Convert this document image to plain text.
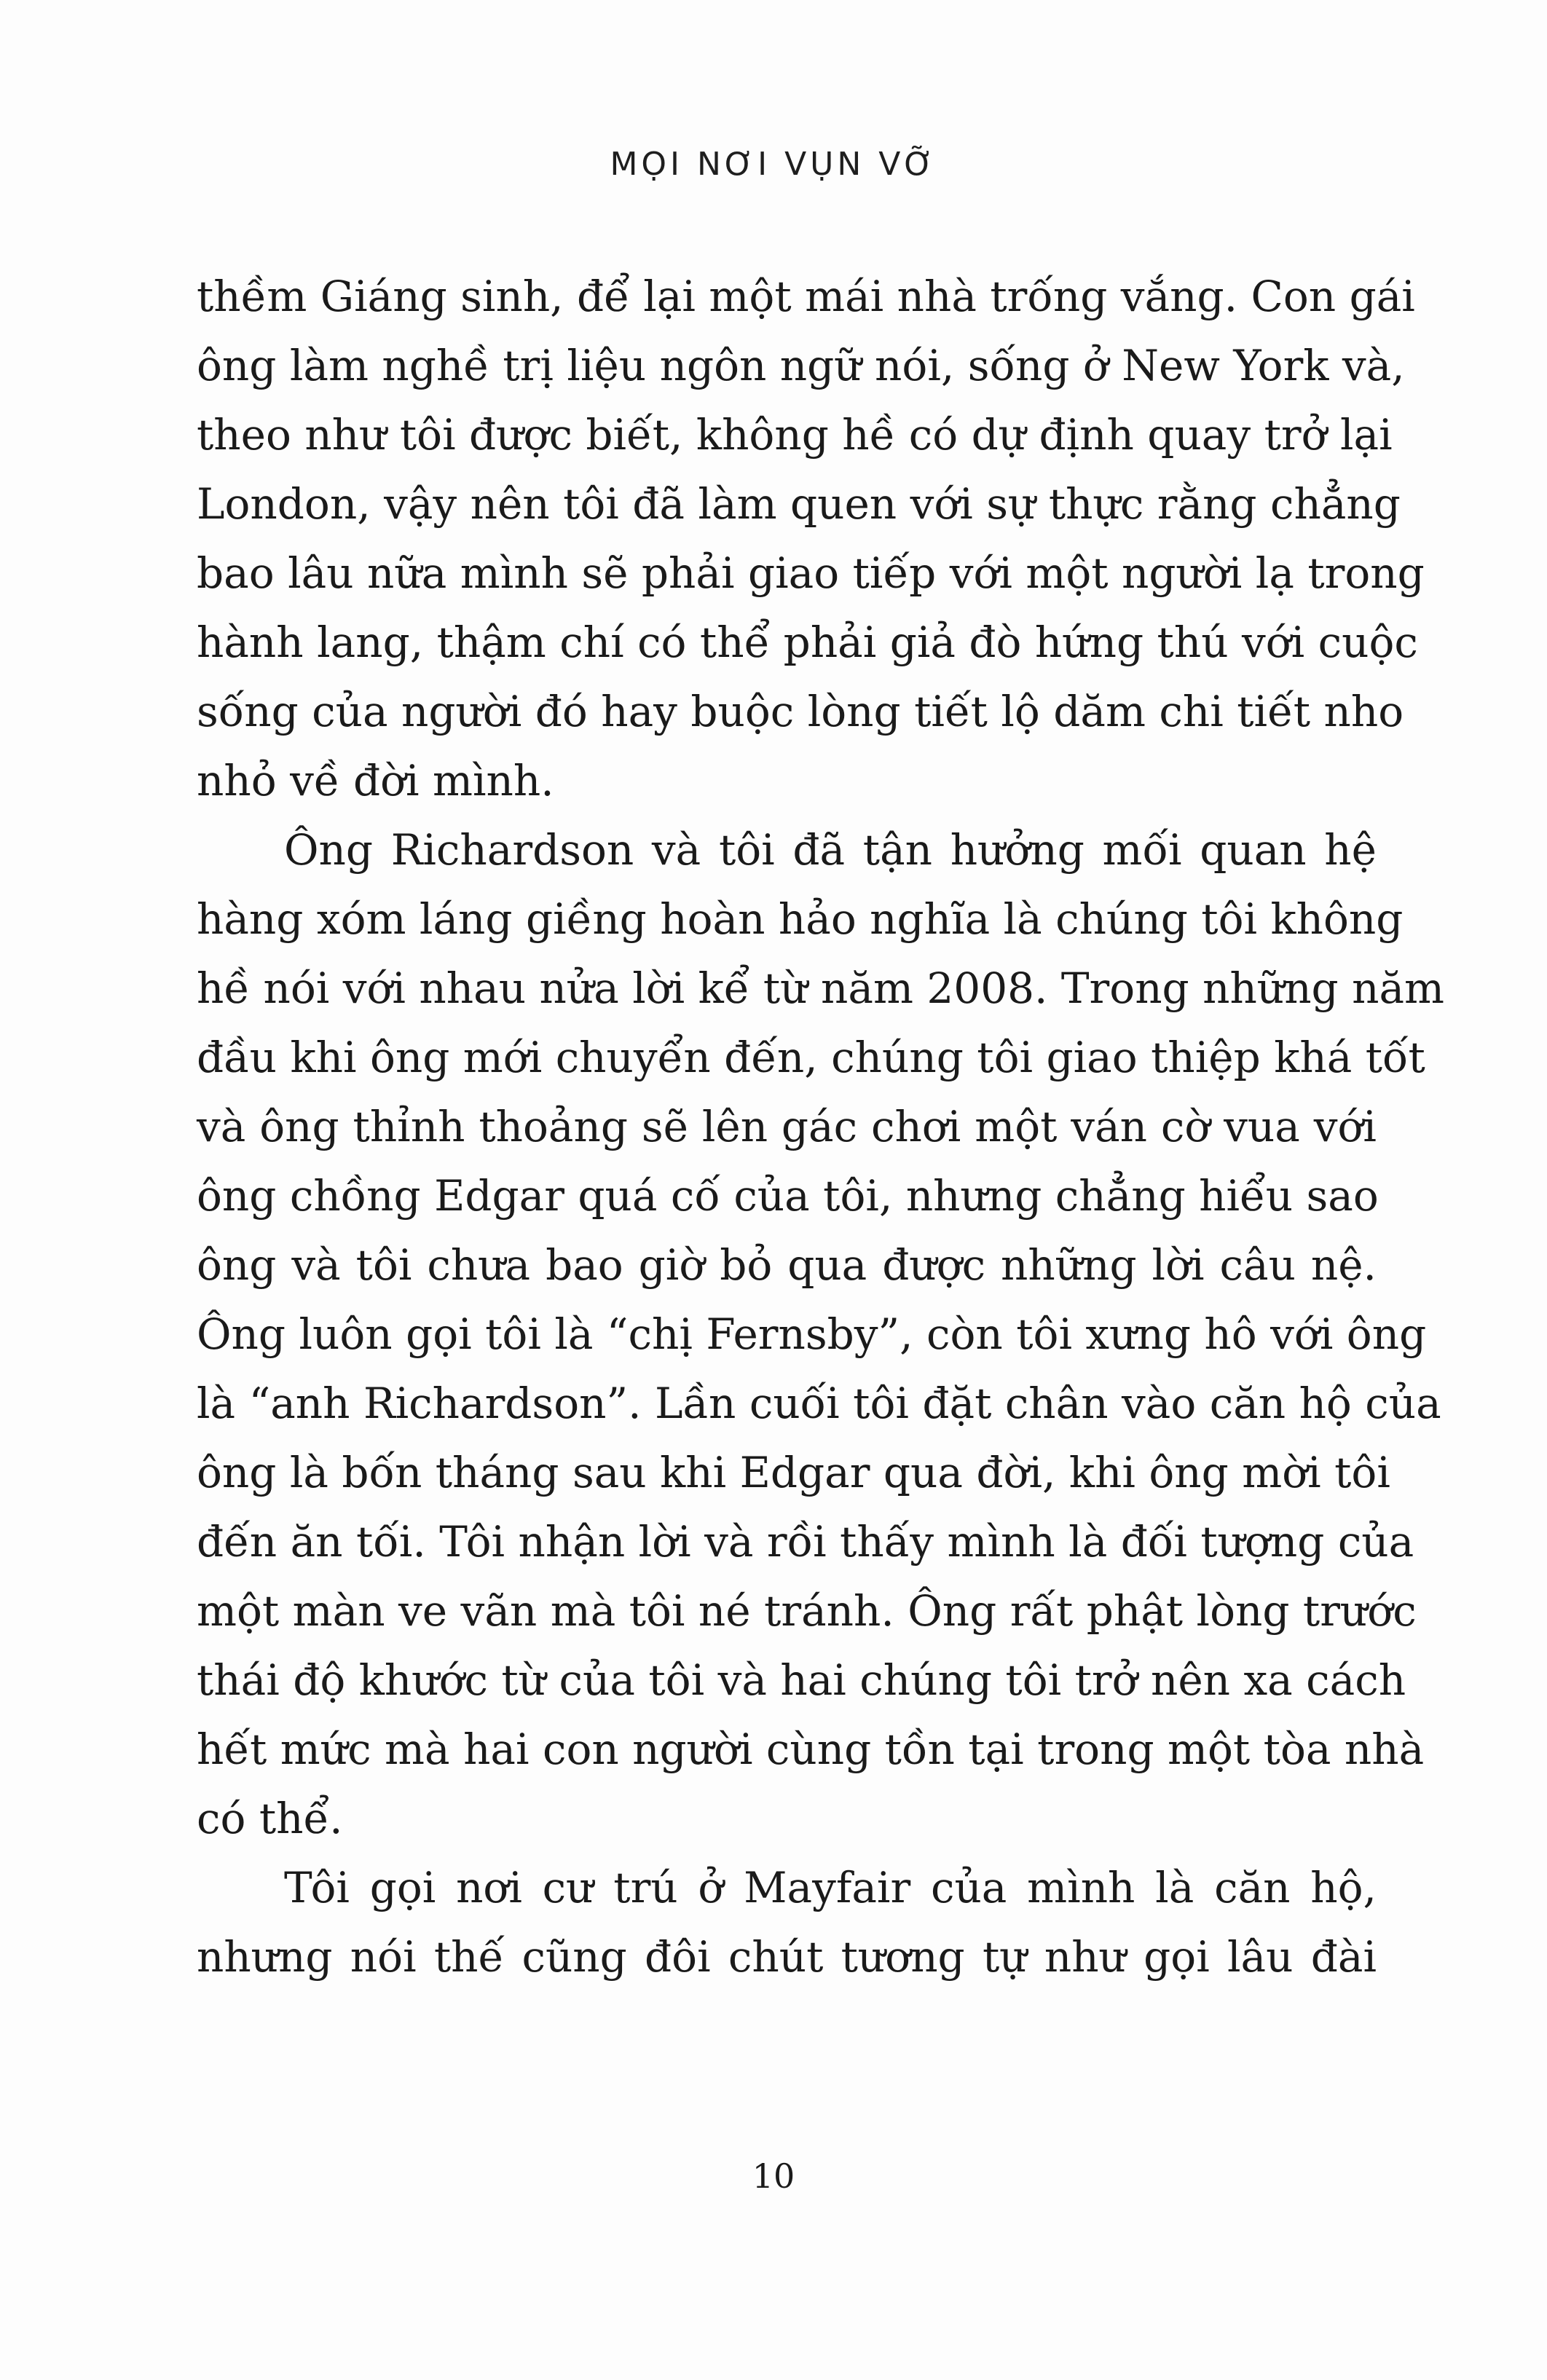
MỌI NƠI VỤN VỠ
thềm Giáng sinh, để lại một mái nhà trống vắng. Con gái
ông làm nghề trị liệu ngôn ngữ nói, sống ở New York và,
theo như tôi được biết, không hề có dự định quay trở lại
London, vậy nên tôi đã làm quen với sự thực rằng chẳng
bao lâu nữa mình sẽ phải giao tiếp với một người lạ trong
hành lang, thậm chí có thể phải giả đò hứng thú với cuộc
sống của người đó hay buộc lòng tiết lộ dăm chi tiết nho
nhỏ về đời mình.
Ông Richardson và tôi đã tận hưởng mối quan hệ
hàng xóm láng giềng hoàn hảo nghĩa là chúng tôi không
hề nói với nhau nửa lời kể từ năm 2008. Trong những năm
đầu khi ông mới chuyển đến, chúng tôi giao thiệp khá tốt
và ông thỉnh thoảng sẽ lên gác chơi một ván cờ vua với
ông chồng Edgar quá cố của tôi, nhưng chẳng hiểu sao
ông và tôi chưa bao giờ bỏ qua được những lời câu nệ.
Ông luôn gọi tôi là “chị Fernsby”, còn tôi xưng hô với ông
là “anh Richardson”. Lần cuối tôi đặt chân vào căn hộ của
ông là bốn tháng sau khi Edgar qua đời, khi ông mời tôi
đến ăn tối. Tôi nhận lời và rồi thấy mình là đối tượng của
một màn ve vãn mà tôi né tránh. Ông rất phật lòng trước
thái độ khước từ của tôi và hai chúng tôi trở nên xa cách
hết mức mà hai con người cùng tồn tại trong một tòa nhà
có thể.
Tôi gọi nơi cư trú ở Mayfair của mình là căn hộ,
nhưng nói thế cũng đôi chút tương tự như gọi lâu đài
10
